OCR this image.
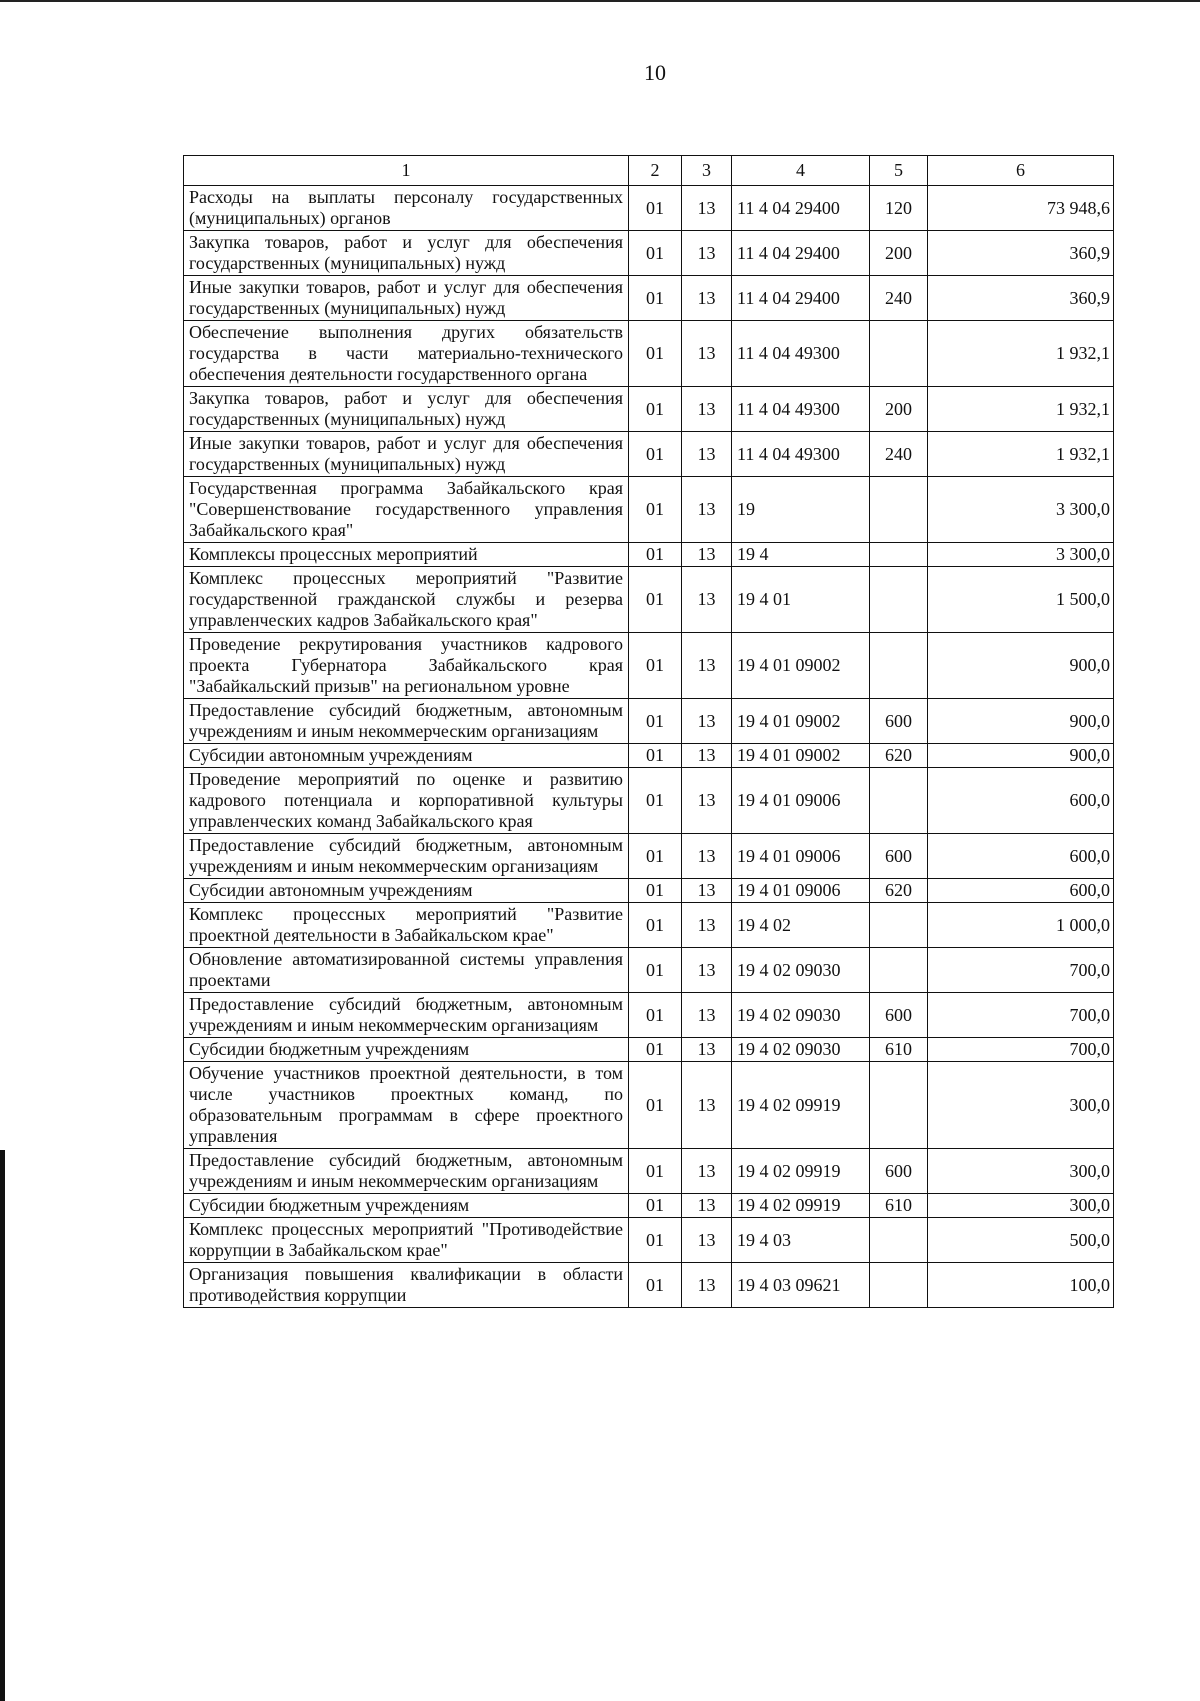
10
1	2	3	4	5	6
Расходы на выплаты персоналу государственных (муниципальных) органов	01	13	11 4 04 29400	120	73 948,6
Закупка товаров, работ и услуг для обеспечения государственных (муниципальных) нужд	01	13	11 4 04 29400	200	360,9
Иные закупки товаров, работ и услуг для обеспечения государственных (муниципальных) нужд	01	13	11 4 04 29400	240	360,9
Обеспечение выполнения других обязательств государства в части материально-технического обеспечения деятельности государственного органа	01	13	11 4 04 49300		1 932,1
Закупка товаров, работ и услуг для обеспечения государственных (муниципальных) нужд	01	13	11 4 04 49300	200	1 932,1
Иные закупки товаров, работ и услуг для обеспечения государственных (муниципальных) нужд	01	13	11 4 04 49300	240	1 932,1
Государственная программа Забайкальского края "Совершенствование государственного управления Забайкальского края"	01	13	19		3 300,0
Комплексы процессных мероприятий	01	13	19 4		3 300,0
Комплекс процессных мероприятий "Развитие государственной гражданской службы и резерва управленческих кадров Забайкальского края"	01	13	19 4 01		1 500,0
Проведение рекрутирования участников кадрового проекта Губернатора Забайкальского края "Забайкальский призыв" на региональном уровне	01	13	19 4 01 09002		900,0
Предоставление субсидий бюджетным, автономным учреждениям и иным некоммерческим организациям	01	13	19 4 01 09002	600	900,0
Субсидии автономным учреждениям	01	13	19 4 01 09002	620	900,0
Проведение мероприятий по оценке и развитию кадрового потенциала и корпоративной культуры управленческих команд Забайкальского края	01	13	19 4 01 09006		600,0
Предоставление субсидий бюджетным, автономным учреждениям и иным некоммерческим организациям	01	13	19 4 01 09006	600	600,0
Субсидии автономным учреждениям	01	13	19 4 01 09006	620	600,0
Комплекс процессных мероприятий "Развитие проектной деятельности в Забайкальском крае"	01	13	19 4 02		1 000,0
Обновление автоматизированной системы управления проектами	01	13	19 4 02 09030		700,0
Предоставление субсидий бюджетным, автономным учреждениям и иным некоммерческим организациям	01	13	19 4 02 09030	600	700,0
Субсидии бюджетным учреждениям	01	13	19 4 02 09030	610	700,0
Обучение участников проектной деятельности, в том числе участников проектных команд, по образовательным программам в сфере проектного управления	01	13	19 4 02 09919		300,0
Предоставление субсидий бюджетным, автономным учреждениям и иным некоммерческим организациям	01	13	19 4 02 09919	600	300,0
Субсидии бюджетным учреждениям	01	13	19 4 02 09919	610	300,0
Комплекс процессных мероприятий "Противодействие коррупции в Забайкальском крае"	01	13	19 4 03		500,0
Организация повышения квалификации в области противодействия коррупции	01	13	19 4 03 09621		100,0
